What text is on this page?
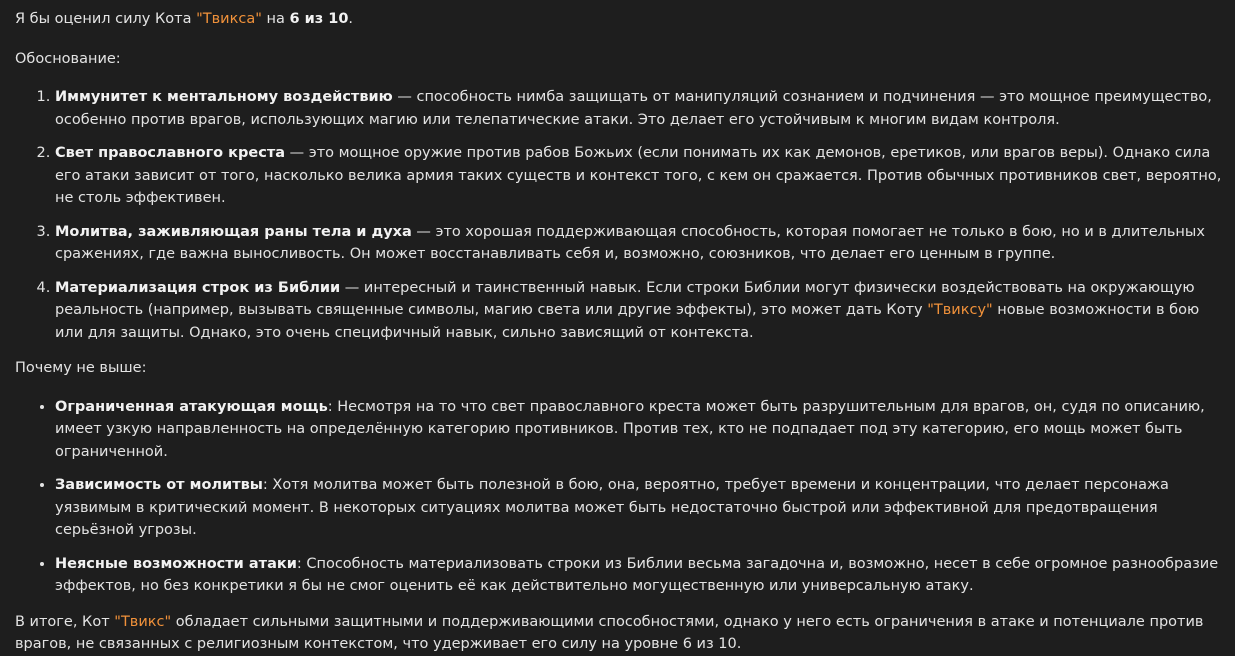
Я бы оценил силу Кота "Твикса" на 6 из 10.

Обоснование:

1. Иммунитет к ментальному воздействию — способность нимба защищать от манипуляций сознанием и подчинения — это мощное преимущество, особенно против врагов, использующих магию или телепатические атаки. Это делает его устойчивым к многим видам контроля.
2. Свет православного креста — это мощное оружие против рабов Божьих (если понимать их как демонов, еретиков, или врагов веры). Однако сила его атаки зависит от того, насколько велика армия таких существ и контекст того, с кем он сражается. Против обычных противников свет, вероятно, не столь эффективен.
3. Молитва, заживляющая раны тела и духа — это хорошая поддерживающая способность, которая помогает не только в бою, но и в длительных сражениях, где важна выносливость. Он может восстанавливать себя и, возможно, союзников, что делает его ценным в группе.
4. Материализация строк из Библии — интересный и таинственный навык. Если строки Библии могут физически воздействовать на окружающую реальность (например, вызывать священные символы, магию света или другие эффекты), это может дать Коту "Твиксу" новые возможности в бою или для защиты. Однако, это очень специфичный навык, сильно зависящий от контекста.

Почему не выше:

• Ограниченная атакующая мощь: Несмотря на то что свет православного креста может быть разрушительным для врагов, он, судя по описанию, имеет узкую направленность на определённую категорию противников. Против тех, кто не подпадает под эту категорию, его мощь может быть ограниченной.
• Зависимость от молитвы: Хотя молитва может быть полезной в бою, она, вероятно, требует времени и концентрации, что делает персонажа уязвимым в критический момент. В некоторых ситуациях молитва может быть недостаточно быстрой или эффективной для предотвращения серьёзной угрозы.
• Неясные возможности атаки: Способность материализовать строки из Библии весьма загадочна и, возможно, несет в себе огромное разнообразие эффектов, но без конкретики я бы не смог оценить её как действительно могущественную или универсальную атаку.

В итоге, Кот "Твикс" обладает сильными защитными и поддерживающими способностями, однако у него есть ограничения в атаке и потенциале против врагов, не связанных с религиозным контекстом, что удерживает его силу на уровне 6 из 10.
